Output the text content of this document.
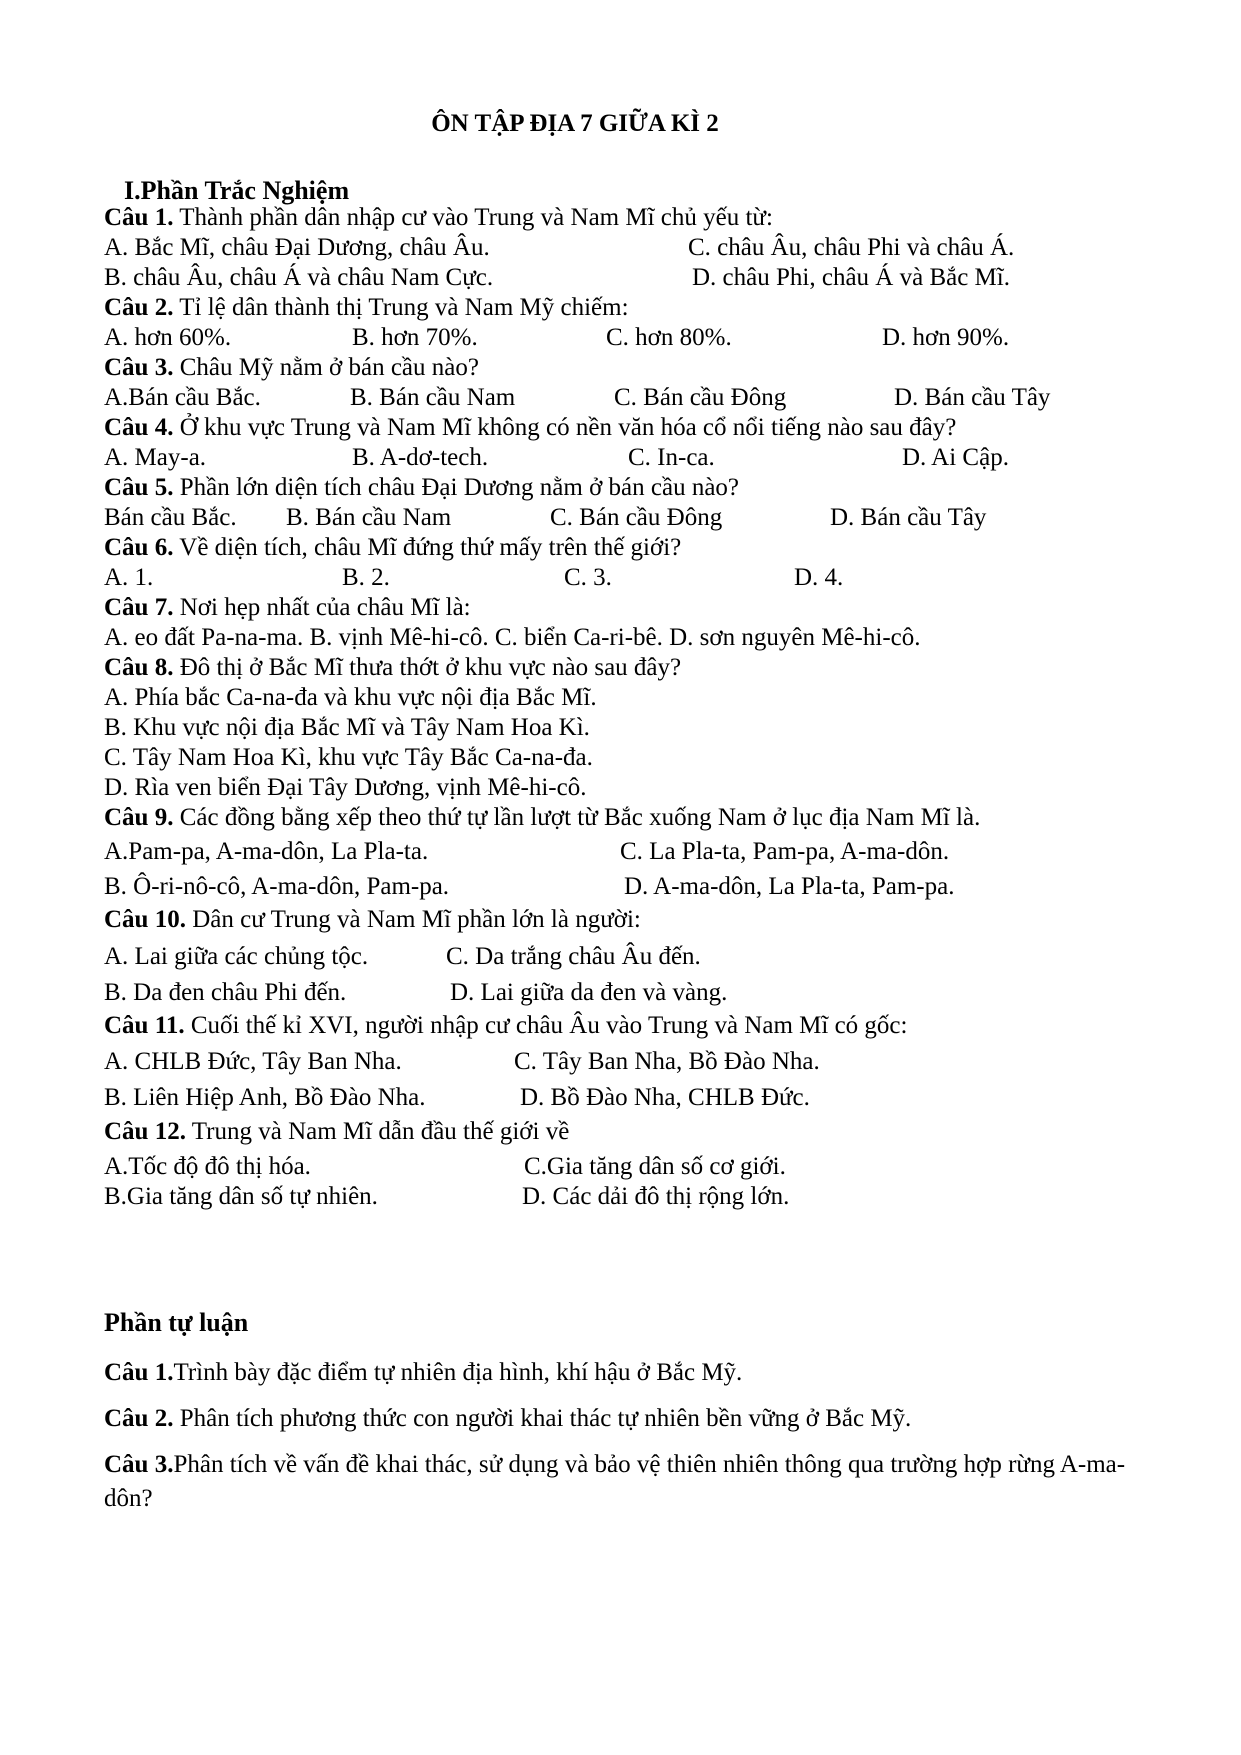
ÔN TẬP ĐỊA 7 GIỮA KÌ 2
I.Phần Trắc Nghiệm
Câu 1. Thành phần dân nhập cư vào Trung và Nam Mĩ chủ yếu từ:
A. Bắc Mĩ, châu Đại Dương, châu Âu.	C. châu Âu, châu Phi và châu Á.
B. châu Âu, châu Á và châu Nam Cực.	D. châu Phi, châu Á và Bắc Mĩ.
Câu 2. Tỉ lệ dân thành thị Trung và Nam Mỹ chiếm:
A. hơn 60%.	B. hơn 70%.	C. hơn 80%.	D. hơn 90%.
Câu 3. Châu Mỹ nằm ở bán cầu nào?
A.Bán cầu Bắc.	B. Bán cầu Nam	C. Bán cầu Đông	D. Bán cầu Tây
Câu 4. Ở khu vực Trung và Nam Mĩ không có nền văn hóa cổ nổi tiếng nào sau đây?
A. May-a.	B. A-dơ-tech.	C. In-ca.	D. Ai Cập.
Câu 5. Phần lớn diện tích châu Đại Dương nằm ở bán cầu nào?
Bán cầu Bắc. B. Bán cầu Nam	C. Bán cầu Đông	D. Bán cầu Tây
Câu 6. Về diện tích, châu Mĩ đứng thứ mấy trên thế giới?
A. 1.	B. 2.	C. 3.	D. 4.
Câu 7. Nơi hẹp nhất của châu Mĩ là:
A. eo đất Pa-na-ma. B. vịnh Mê-hi-cô. C. biển Ca-ri-bê. D. sơn nguyên Mê-hi-cô.
Câu 8. Đô thị ở Bắc Mĩ thưa thớt ở khu vực nào sau đây?
A. Phía bắc Ca-na-đa và khu vực nội địa Bắc Mĩ.
B. Khu vực nội địa Bắc Mĩ và Tây Nam Hoa Kì.
C. Tây Nam Hoa Kì, khu vực Tây Bắc Ca-na-đa.
D. Rìa ven biển Đại Tây Dương, vịnh Mê-hi-cô.
Câu 9. Các đồng bằng xếp theo thứ tự lần lượt từ Bắc xuống Nam ở lục địa Nam Mĩ là.
A.Pam-pa, A-ma-dôn, La Pla-ta.	C. La Pla-ta, Pam-pa, A-ma-dôn.
B. Ô-ri-nô-cô, A-ma-dôn, Pam-pa.	D. A-ma-dôn, La Pla-ta, Pam-pa.
Câu 10. Dân cư Trung và Nam Mĩ phần lớn là người:
A. Lai giữa các chủng tộc.	C. Da trắng châu Âu đến.
B. Da đen châu Phi đến.	D. Lai giữa da đen và vàng.
Câu 11. Cuối thế kỉ XVI, người nhập cư châu Âu vào Trung và Nam Mĩ có gốc:
A. CHLB Đức, Tây Ban Nha.	C. Tây Ban Nha, Bồ Đào Nha.
B. Liên Hiệp Anh, Bồ Đào Nha.	D. Bồ Đào Nha, CHLB Đức.
Câu 12. Trung và Nam Mĩ dẫn đầu thế giới về
A.Tốc độ đô thị hóa.	C.Gia tăng dân số cơ giới.
B.Gia tăng dân số tự nhiên.	D. Các dải đô thị rộng lớn.
Phần tự luận
Câu 1.Trình bày đặc điểm tự nhiên địa hình, khí hậu ở Bắc Mỹ.
Câu 2. Phân tích phương thức con người khai thác tự nhiên bền vững ở Bắc Mỹ.
Câu 3.Phân tích về vấn đề khai thác, sử dụng và bảo vệ thiên nhiên thông qua trường hợp rừng A-ma-dôn?
